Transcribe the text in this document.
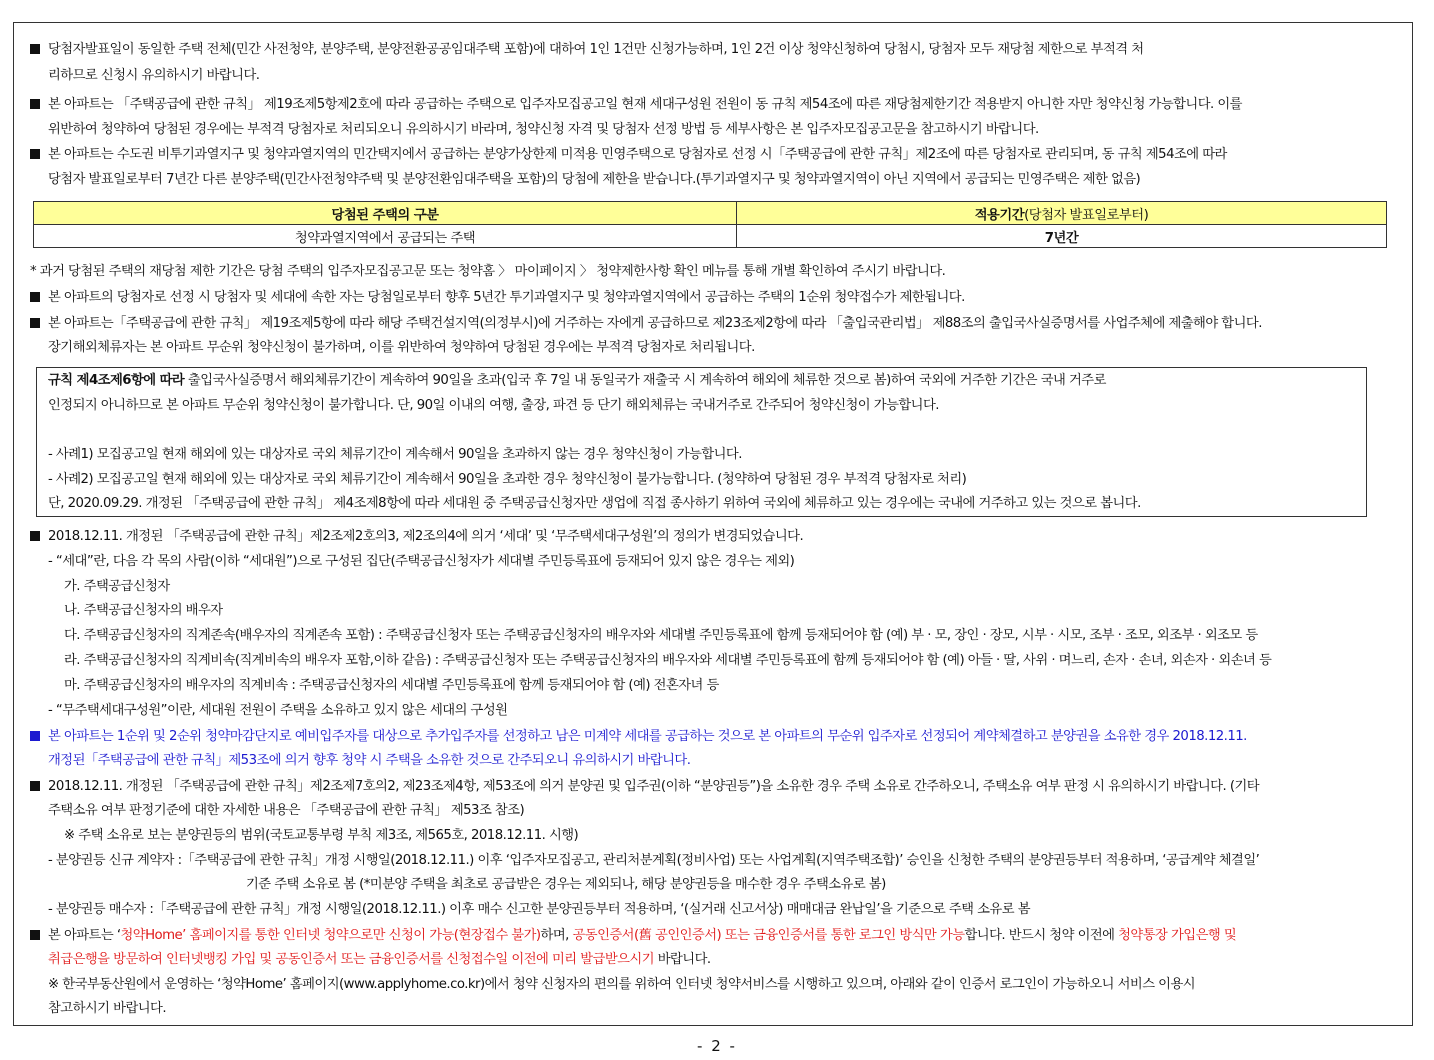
당첨자발표일이 동일한 주택 전체(민간 사전청약, 분양주택, 분양전환공공임대주택 포함)에 대하여 1인 1건만 신청가능하며, 1인 2건 이상 청약신청하여 당첨시, 당첨자 모두 재당첨 제한으로 부적격 처
리하므로 신청시 유의하시기 바랍니다.
본 아파트는 「주택공급에 관한 규칙」 제19조제5항제2호에 따라 공급하는 주택으로 입주자모집공고일 현재 세대구성원 전원이 동 규칙 제54조에 따른 재당첨제한기간 적용받지 아니한 자만 청약신청 가능합니다. 이를
위반하여 청약하여 당첨된 경우에는 부적격 당첨자로 처리되오니 유의하시기 바라며, 청약신청 자격 및 당첨자 선정 방법 등 세부사항은 본 입주자모집공고문을 참고하시기 바랍니다.
본 아파트는 수도권 비투기과열지구 및 청약과열지역의 민간택지에서 공급하는 분양가상한제 미적용 민영주택으로 당첨자로 선정 시「주택공급에 관한 규칙」제2조에 따른 당첨자로 관리되며, 동 규칙 제54조에 따라
당첨자 발표일로부터 7년간 다른 분양주택(민간사전청약주택 및 분양전환임대주택을 포함)의 당첨에 제한을 받습니다.(투기과열지구 및 청약과열지역이 아닌 지역에서 공급되는 민영주택은 제한 없음)
당첨된 주택의 구분	적용기간(당첨자 발표일로부터)
청약과열지역에서 공급되는 주택	7년간
* 과거 당첨된 주택의 재당첨 제한 기간은 당첨 주택의 입주자모집공고문 또는 청약홈 〉 마이페이지 〉 청약제한사항 확인 메뉴를 통해 개별 확인하여 주시기 바랍니다.
본 아파트의 당첨자로 선정 시 당첨자 및 세대에 속한 자는 당첨일로부터 향후 5년간 투기과열지구 및 청약과열지역에서 공급하는 주택의 1순위 청약접수가 제한됩니다.
본 아파트는「주택공급에 관한 규칙」 제19조제5항에 따라 해당 주택건설지역(의정부시)에 거주하는 자에게 공급하므로 제23조제2항에 따라 「출입국관리법」 제88조의 출입국사실증명서를 사업주체에 제출해야 합니다.
장기해외체류자는 본 아파트 무순위 청약신청이 불가하며, 이를 위반하여 청약하여 당첨된 경우에는 부적격 당첨자로 처리됩니다.
규칙 제4조제6항에 따라 출입국사실증명서 해외체류기간이 계속하여 90일을 초과(입국 후 7일 내 동일국가 재출국 시 계속하여 해외에 체류한 것으로 봄)하여 국외에 거주한 기간은 국내 거주로
인정되지 아니하므로 본 아파트 무순위 청약신청이 불가합니다. 단, 90일 이내의 여행, 출장, 파견 등 단기 해외체류는 국내거주로 간주되어 청약신청이 가능합니다.
- 사례1) 모집공고일 현재 해외에 있는 대상자로 국외 체류기간이 계속해서 90일을 초과하지 않는 경우 청약신청이 가능합니다.
- 사례2) 모집공고일 현재 해외에 있는 대상자로 국외 체류기간이 계속해서 90일을 초과한 경우 청약신청이 불가능합니다. (청약하여 당첨된 경우 부적격 당첨자로 처리)
단, 2020.09.29. 개정된 「주택공급에 관한 규칙」 제4조제8항에 따라 세대원 중 주택공급신청자만 생업에 직접 종사하기 위하여 국외에 체류하고 있는 경우에는 국내에 거주하고 있는 것으로 봅니다.
2018.12.11. 개정된 「주택공급에 관한 규칙」제2조제2호의3, 제2조의4에 의거 ‘세대’ 및 ‘무주택세대구성원’의 정의가 변경되었습니다.
- “세대”란, 다음 각 목의 사람(이하 “세대원”)으로 구성된 집단(주택공급신청자가 세대별 주민등록표에 등재되어 있지 않은 경우는 제외)
가. 주택공급신청자
나. 주택공급신청자의 배우자
다. 주택공급신청자의 직계존속(배우자의 직계존속 포함) : 주택공급신청자 또는 주택공급신청자의 배우자와 세대별 주민등록표에 함께 등재되어야 함 (예) 부 · 모, 장인 · 장모, 시부 · 시모, 조부 · 조모, 외조부 · 외조모 등
라. 주택공급신청자의 직계비속(직계비속의 배우자 포함,이하 같음) : 주택공급신청자 또는 주택공급신청자의 배우자와 세대별 주민등록표에 함께 등재되어야 함 (예) 아들 · 딸, 사위 · 며느리, 손자 · 손녀, 외손자 · 외손녀 등
마. 주택공급신청자의 배우자의 직계비속 : 주택공급신청자의 세대별 주민등록표에 함께 등재되어야 함 (예) 전혼자녀 등
- “무주택세대구성원”이란, 세대원 전원이 주택을 소유하고 있지 않은 세대의 구성원
본 아파트는 1순위 및 2순위 청약마감단지로 예비입주자를 대상으로 추가입주자를 선정하고 남은 미계약 세대를 공급하는 것으로 본 아파트의 무순위 입주자로 선정되어 계약체결하고 분양권을 소유한 경우 2018.12.11.
개정된「주택공급에 관한 규칙」제53조에 의거 향후 청약 시 주택을 소유한 것으로 간주되오니 유의하시기 바랍니다.
2018.12.11. 개정된 「주택공급에 관한 규칙」제2조제7호의2, 제23조제4항, 제53조에 의거 분양권 및 입주권(이하 “분양권등”)을 소유한 경우 주택 소유로 간주하오니, 주택소유 여부 판정 시 유의하시기 바랍니다. (기타
주택소유 여부 판정기준에 대한 자세한 내용은 「주택공급에 관한 규칙」 제53조 참조)
※ 주택 소유로 보는 분양권등의 범위(국토교통부령 부칙 제3조, 제565호, 2018.12.11. 시행)
- 분양권등 신규 계약자 :「주택공급에 관한 규칙」개정 시행일(2018.12.11.) 이후 ‘입주자모집공고, 관리처분계획(정비사업) 또는 사업계획(지역주택조합)’ 승인을 신청한 주택의 분양권등부터 적용하며, ‘공급계약 체결일’
기준 주택 소유로 봄 (*미분양 주택을 최초로 공급받은 경우는 제외되나, 해당 분양권등을 매수한 경우 주택소유로 봄)
- 분양권등 매수자 :「주택공급에 관한 규칙」개정 시행일(2018.12.11.) 이후 매수 신고한 분양권등부터 적용하며, ‘(실거래 신고서상) 매매대금 완납일’을 기준으로 주택 소유로 봄
본 아파트는 ‘청약Home’ 홈페이지를 통한 인터넷 청약으로만 신청이 가능(현장접수 불가)하며, 공동인증서(舊 공인인증서) 또는 금융인증서를 통한 로그인 방식만 가능합니다. 반드시 청약 이전에 청약통장 가입은행 및
취급은행을 방문하여 인터넷뱅킹 가입 및 공동인증서 또는 금융인증서를 신청접수일 이전에 미리 발급받으시기 바랍니다.
※ 한국부동산원에서 운영하는 ‘청약Home’ 홈페이지(www.applyhome.co.kr)에서 청약 신청자의 편의를 위하여 인터넷 청약서비스를 시행하고 있으며, 아래와 같이 인증서 로그인이 가능하오니 서비스 이용시
참고하시기 바랍니다.
- 2 -
